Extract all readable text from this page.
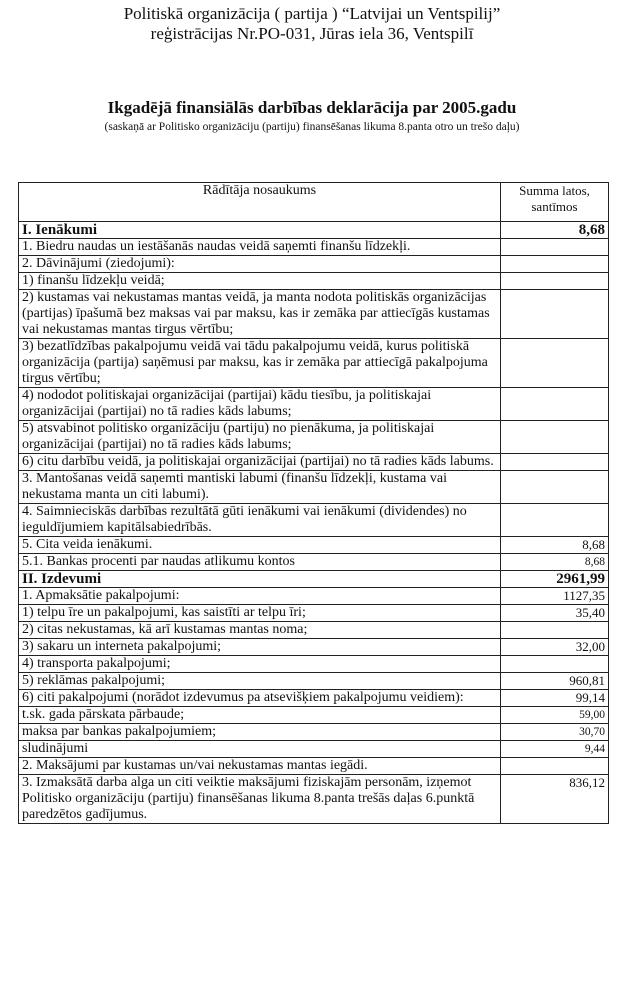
Politiskā organizācija ( partija ) “Latvijai un Ventspilij”
reģistrācijas Nr.PO-031, Jūras iela 36, Ventspilī
Ikgadējā finansiālās darbības deklarācija par 2005.gadu
(saskaņā ar Politisko organizāciju (partiju) finansēšanas likuma 8.panta otro un trešo daļu)
Rādītāja nosaukums	Summa latos,
santīmos

I. Ienākumi	8,68
1. Biedru naudas un iestāšanās naudas veidā saņemti finanšu līdzekļi.	
2. Dāvinājumi (ziedojumi):	
1) finanšu līdzekļu veidā;	
2) kustamas vai nekustamas mantas veidā, ja manta nodota politiskās organizācijas (partijas) īpašumā bez maksas vai par maksu, kas ir zemāka par attiecīgās kustamas vai nekustamas mantas tirgus vērtību;	
3) bezatlīdzības pakalpojumu veidā vai tādu pakalpojumu veidā, kurus politiskā organizācija (partija) saņēmusi par maksu, kas ir zemāka par attiecīgā pakalpojuma tirgus vērtību;	
4) nododot politiskajai organizācijai (partijai) kādu tiesību, ja politiskajai organizācijai (partijai) no tā radies kāds labums;	
5) atsvabinot politisko organizāciju (partiju) no pienākuma, ja politiskajai organizācijai (partijai) no tā radies kāds labums;	
6) citu darbību veidā, ja politiskajai organizācijai (partijai) no tā radies kāds labums.	
3. Mantošanas veidā saņemti mantiski labumi (finanšu līdzekļi, kustama vai nekustama manta un citi labumi).	
4. Saimnieciskās darbības rezultātā gūti ienākumi vai ienākumi (dividendes) no ieguldījumiem kapitālsabiedrībās.	
5. Cita veida ienākumi.	8,68
5.1. Bankas procenti par naudas atlikumu kontos	8,68
II. Izdevumi	2961,99
1. Apmaksātie pakalpojumi:	1127,35
1) telpu īre un pakalpojumi, kas saistīti ar telpu īri;	35,40
2) citas nekustamas, kā arī kustamas mantas noma;	
3) sakaru un interneta pakalpojumi;	32,00
4) transporta pakalpojumi;	
5) reklāmas pakalpojumi;	960,81
6) citi pakalpojumi (norādot izdevumus pa atsevišķiem pakalpojumu veidiem):	99,14
t.sk. gada pārskata pārbaude;	59,00
maksa par bankas pakalpojumiem;	30,70
sludinājumi	9,44
2. Maksājumi par kustamas un/vai nekustamas mantas iegādi.	
3. Izmaksātā darba alga un citi veiktie maksājumi fiziskajām personām, izņemot Politisko organizāciju (partiju) finansēšanas likuma 8.panta trešās daļas 6.punktā paredzētos gadījumus.	836,12
